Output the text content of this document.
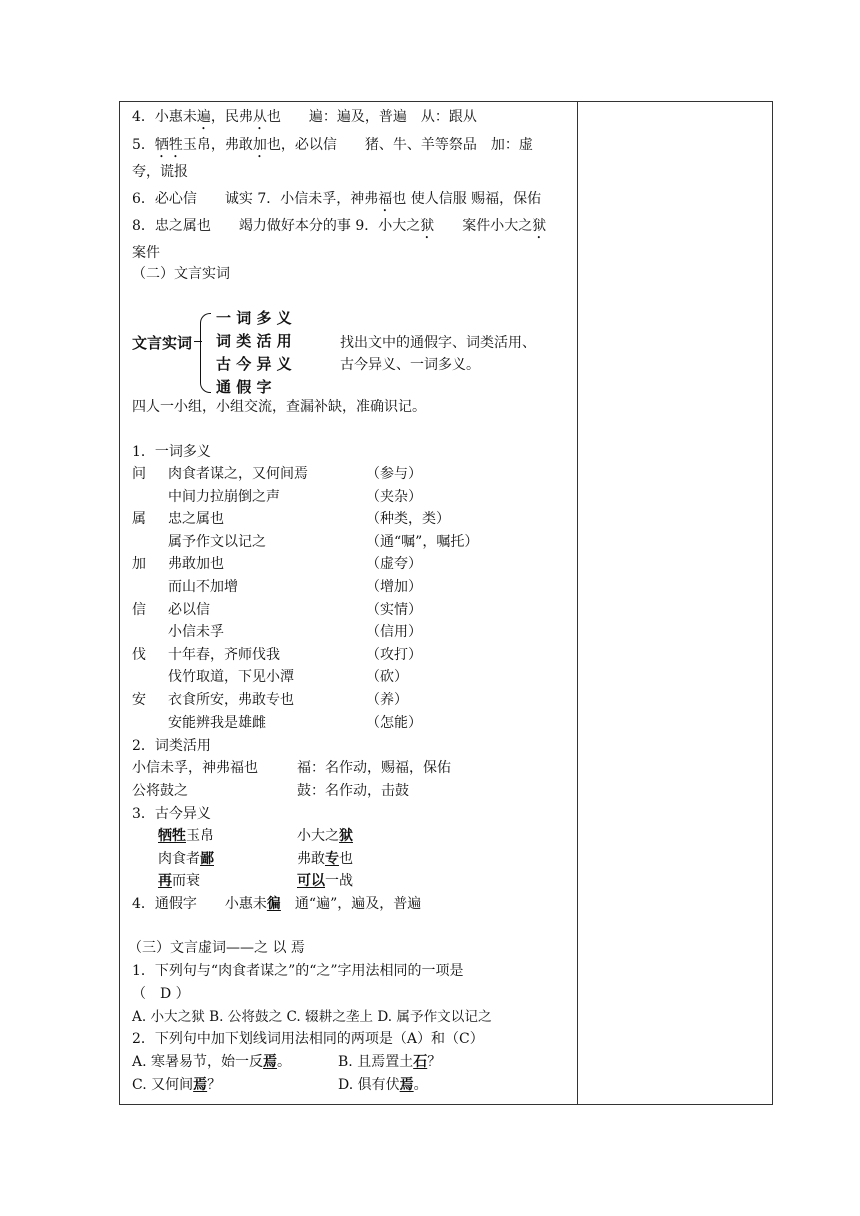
4．小惠未遍，民弗从也　　遍：遍及，普遍　从：跟从
5．牺牲玉帛，弗敢加也，必以信　　猪、牛、羊等祭品　加：虚
夸，谎报
6．必心信　　诚实 7．小信未孚，神弗福也 使人信服 赐福，保佑
8．忠之属也　　竭力做好本分的事 9．小大之狱　　案件小大之狱
案件
（二）文言实词
文言实词
一 词 多 义
词 类 活 用
古 今 异 义
通 假 字
找出文中的通假字、词类活用、
古今异义、一词多义。
四人一小组，小组交流，查漏补缺，准确识记。
1．一词多义
问 肉食者谋之，又何间焉	（参与）
中间力拉崩倒之声	（夹杂）
属 忠之属也	（种类，类）
属予作文以记之	（通“嘱”，嘱托）
加 弗敢加也	（虚夸）
而山不加增	（增加）
信 必以信	（实情）
小信未孚	（信用）
伐 十年春，齐师伐我	（攻打）
伐竹取道，下见小潭	（砍）
安 衣食所安，弗敢专也	（养）
安能辨我是雄雌	（怎能）
2．词类活用
小信未孚，神弗福也	福：名作动，赐福，保佑
公将鼓之	鼓：名作动，击鼓
3．古今异义
牺牲玉帛	小大之狱
肉食者鄙	弗敢专也
再而衰	可以一战
4．通假字　　小惠未徧　通“遍”，遍及，普遍
（三）文言虚词——之 以 焉
1．下列句与“肉食者谋之”的“之”字用法相同的一项是
（　D ）
A. 小大之狱 B. 公将鼓之 C. 辍耕之垄上 D. 属予作文以记之
2．下列句中加下划线词用法相同的两项是（A）和（C）
A. 寒暑易节，始一反焉。	B. 且焉置土石？
C. 又何间焉？	D. 俱有伏焉。
